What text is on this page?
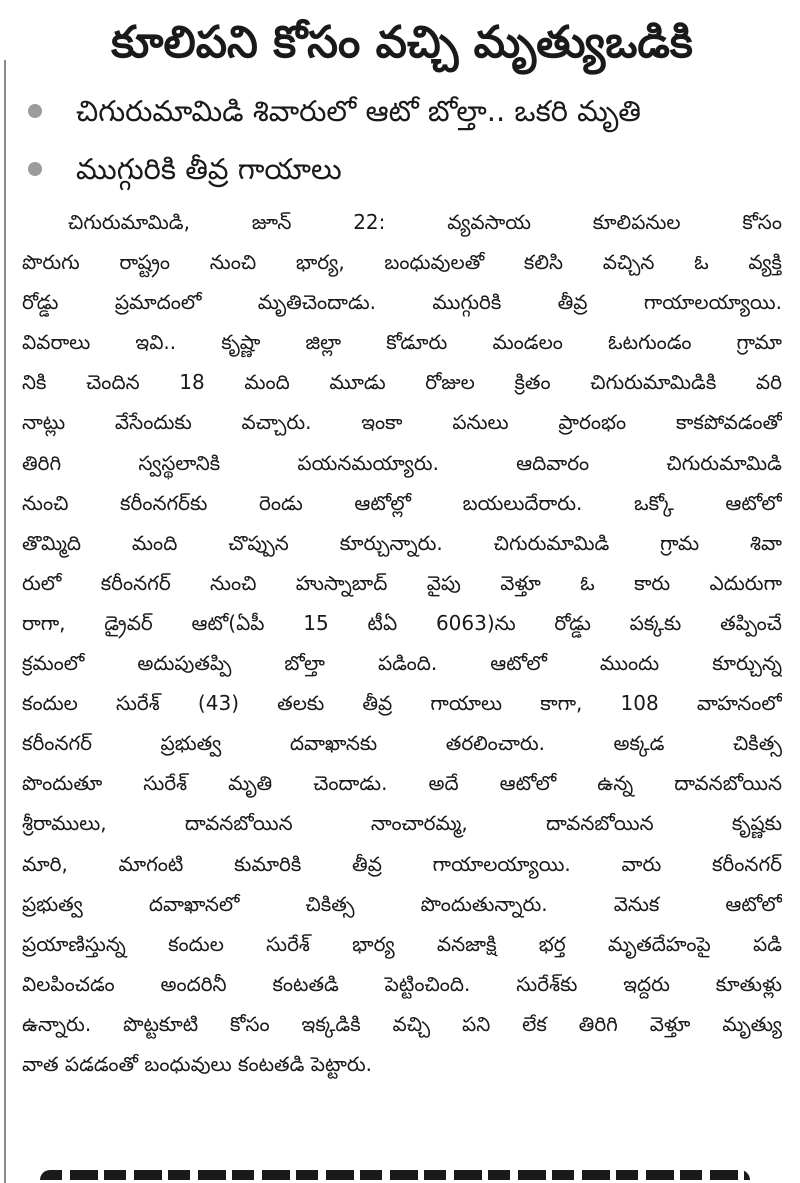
కూలిపని కోసం వచ్చి మృత్యుఒడికి
చిగురుమామిడి శివారులో ఆటో బోల్తా.. ఒకరి మృతి
ముగ్గురికి తీవ్ర గాయాలు
చిగురుమామిడి, జూన్ 22: వ్యవసాయ కూలిపనుల కోసం
పొరుగు రాష్ట్రం నుంచి భార్య, బంధువులతో కలిసి వచ్చిన ఓ వ్యక్తి
రోడ్డు ప్రమాదంలో మృతిచెందాడు. ముగ్గురికి తీవ్ర గాయాలయ్యాయి.
వివరాలు ఇవి.. కృష్ణా జిల్లా కోడూరు మండలం ఓటగుండం గ్రామా
నికి చెందిన 18 మంది మూడు రోజుల క్రితం చిగురుమామిడికి వరి
నాట్లు వేసేందుకు వచ్చారు. ఇంకా పనులు ప్రారంభం కాకపోవడంతో
తిరిగి స్వస్థలానికి పయనమయ్యారు. ఆదివారం చిగురుమామిడి
నుంచి కరీంనగర్‌కు రెండు ఆటోల్లో బయలుదేరారు. ఒక్కో ఆటోలో
తొమ్మిది మంది చొప్పున కూర్చున్నారు. చిగురుమామిడి గ్రామ శివా
రులో కరీంనగర్ నుంచి హుస్నాబాద్ వైపు వెళ్తూ ఓ కారు ఎదురుగా
రాగా, డ్రైవర్ ఆటో(ఏపీ 15 టీఏ 6063)ను రోడ్డు పక్కకు తప్పించే
క్రమంలో అదుపుతప్పి బోల్తా పడింది. ఆటోలో ముందు కూర్చున్న
కందుల సురేశ్ (43) తలకు తీవ్ర గాయాలు కాగా, 108 వాహనంలో
కరీంనగర్ ప్రభుత్వ దవాఖానకు తరలించారు. అక్కడ చికిత్స
పొందుతూ సురేశ్ మృతి చెందాడు. అదే ఆటోలో ఉన్న దావనబోయిన
శ్రీరాములు, దావనబోయిన నాంచారమ్మ, దావనబోయిన కృష్ణకు
మారి, మాగంటి కుమారికి తీవ్ర గాయాలయ్యాయి. వారు కరీంనగర్
ప్రభుత్వ దవాఖానలో చికిత్స పొందుతున్నారు. వెనుక ఆటోలో
ప్రయాణిస్తున్న కందుల సురేశ్ భార్య వనజాక్షి భర్త మృతదేహంపై పడి
విలపించడం అందరినీ కంటతడి పెట్టించింది. సురేశ్‌కు ఇద్దరు కూతుళ్లు
ఉన్నారు. పొట్టకూటి కోసం ఇక్కడికి వచ్చి పని లేక తిరిగి వెళ్తూ మృత్యు
వాత పడడంతో బంధువులు కంటతడి పెట్టారు.
